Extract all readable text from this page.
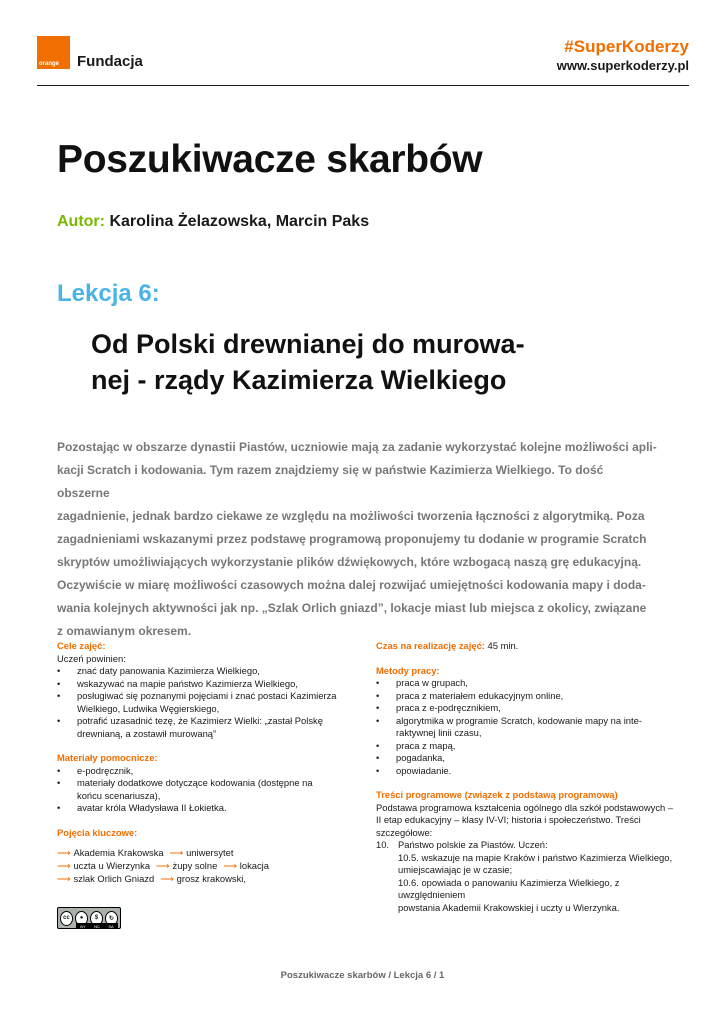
orange Fundacja
#SuperKoderzy
www.superkoderzy.pl
Poszukiwacze skarbów
Autor: Karolina Żelazowska, Marcin Paks
Lekcja 6:
Od Polski drewnianej do murowa-
nej - rządy Kazimierza Wielkiego
Pozostając w obszarze dynastii Piastów, uczniowie mają za zadanie wykorzystać kolejne możliwości apli-
kacji Scratch i kodowania. Tym razem znajdziemy się w państwie Kazimierza Wielkiego. To dość obszerne
zagadnienie, jednak bardzo ciekawe ze względu na możliwości tworzenia łączności z algorytmiką. Poza
zagadnieniami wskazanymi przez podstawę programową proponujemy tu dodanie w programie Scratch
skryptów umożliwiających wykorzystanie plików dźwiękowych, które wzbogacą naszą grę edukacyjną.
Oczywiście w miarę możliwości czasowych można dalej rozwijać umiejętności kodowania mapy i doda-
wania kolejnych aktywności jak np. „Szlak Orlich gniazd”, lokacje miast lub miejsca z okolicy, związane
z omawianym okresem.
Cele zajęć:
Uczeń powinien:
• znać daty panowania Kazimierza Wielkiego,
• wskazywać na mapie państwo Kazimierza Wielkiego,
• posługiwać się poznanymi pojęciami i znać postaci Kazimierza
Wielkiego, Ludwika Węgierskiego,
• potrafić uzasadnić tezę, że Kazimierz Wielki: „zastał Polskę
drewnianą, a zostawił murowaną”
Materiały pomocnicze:
• e-podręcznik,
• materiały dodatkowe dotyczące kodowania (dostępne na
końcu scenariusza),
• avatar króla Władysława II Łokietka.
Pojęcia kluczowe:
⟶ Akademia Krakowska ⟶ uniwersytet
⟶ uczta u Wierzynka ⟶ żupy solne ⟶ lokacja
⟶ szlak Orlich Gniazd ⟶ grosz krakowski,
Czas na realizację zajęć: 45 min.
Metody pracy:
• praca w grupach,
• praca z materiałem edukacyjnym online,
• praca z e-podręcznikiem,
• algorytmika w programie Scratch, kodowanie mapy na inte-
raktywnej linii czasu,
• praca z mapą,
• pogadanka,
• opowiadanie.
Treści programowe (związek z podstawą programową)
Podstawa programowa kształcenia ogólnego dla szkół podstawowych –
II etap edukacyjny – klasy IV-VI; historia i społeczeństwo. Treści szczegółowe:
10. Państwo polskie za Piastów. Uczeń:
10.5. wskazuje na mapie Kraków i państwo Kazimierza Wielkiego,
umiejscawiając je w czasie;
10.6. opowiada o panowaniu Kazimierza Wielkiego, z uwzględnieniem
powstania Akademii Krakowskiej i uczty u Wierzynka.
cc	●	$	↻
BY NC SA
Poszukiwacze skarbów / Lekcja 6 / 1
